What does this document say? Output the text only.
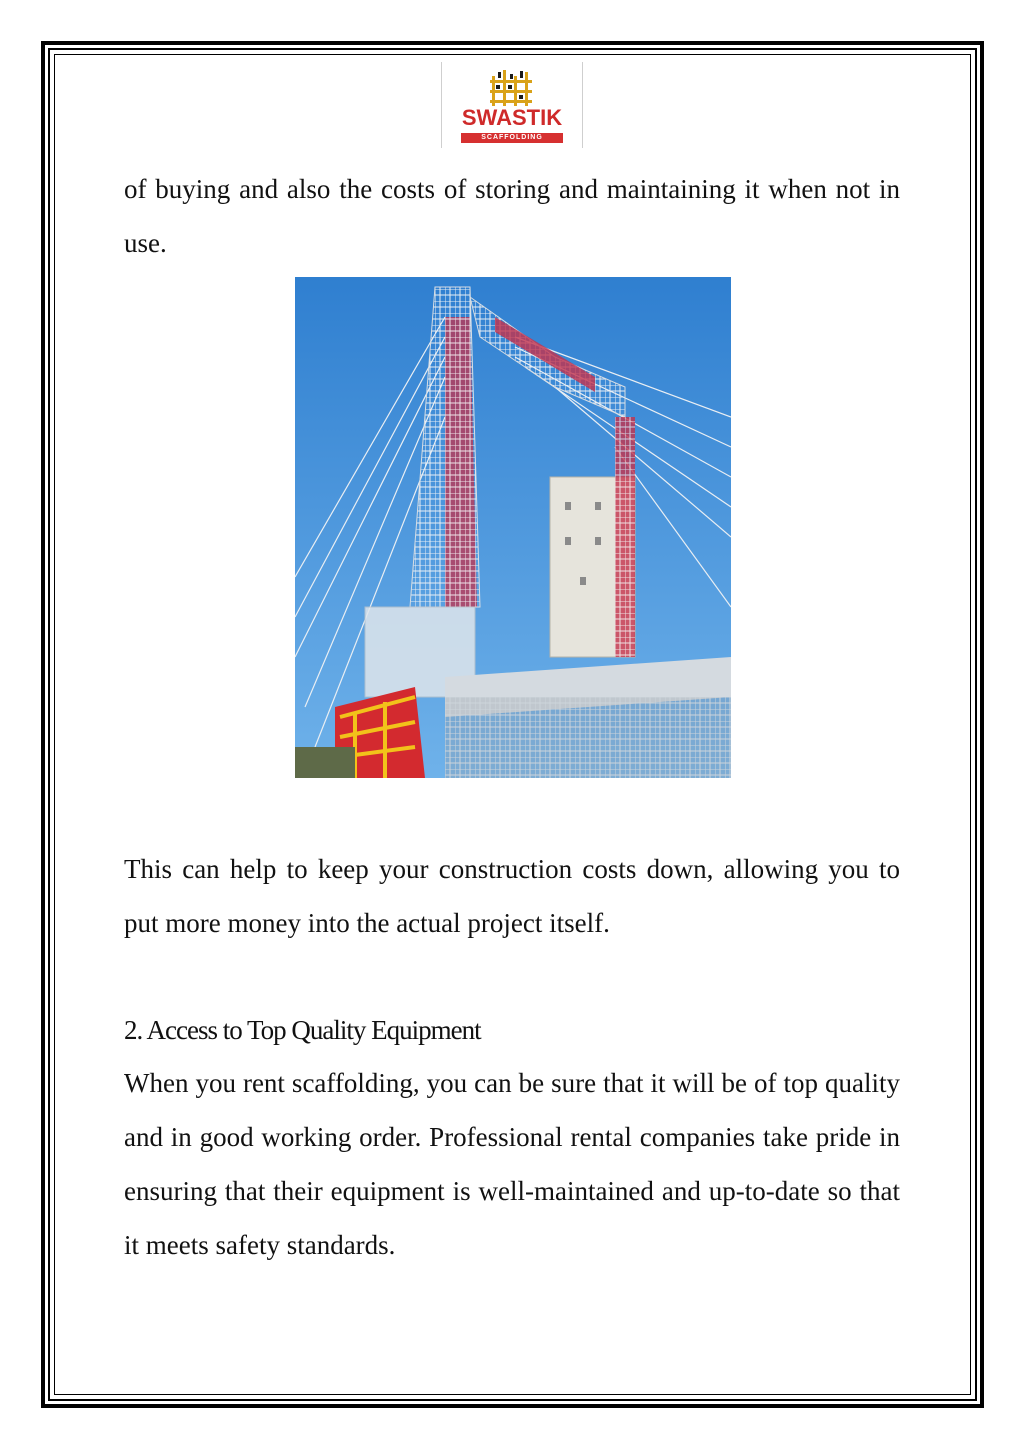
SWASTIK
SCAFFOLDING
of buying and also the costs of storing and maintaining it when not in use.
This can help to keep your construction costs down, allowing you to put more money into the actual project itself.
2. Access to Top Quality Equipment
When you rent scaffolding, you can be sure that it will be of top quality and in good working order. Professional rental companies take pride in ensuring that their equipment is well-maintained and up-to-date so that it meets safety standards.
